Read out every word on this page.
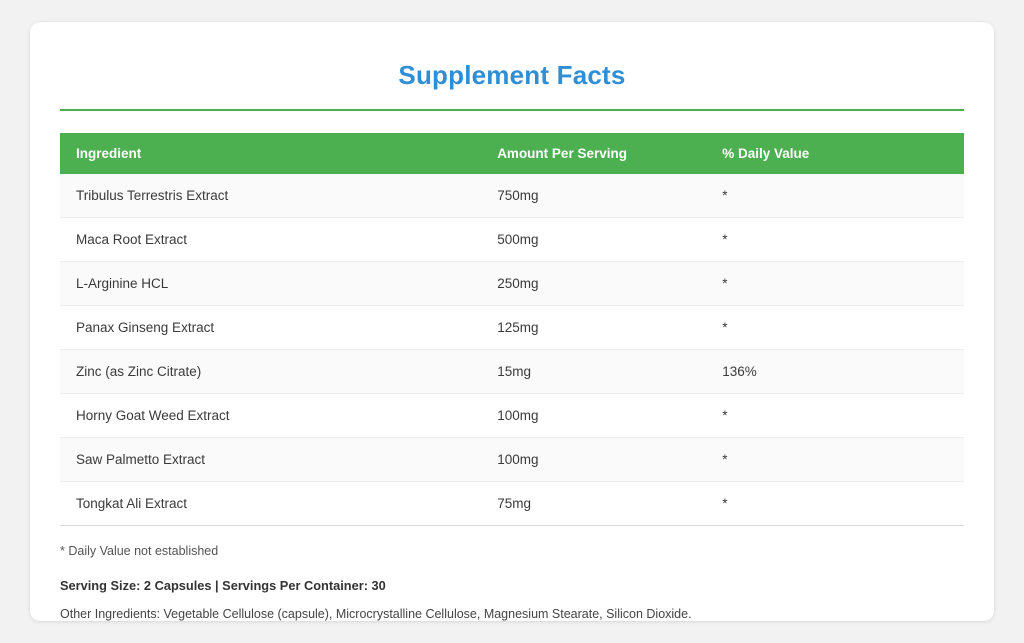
Supplement Facts
Ingredient	Amount Per Serving	% Daily Value
Tribulus Terrestris Extract	750mg	*
Maca Root Extract	500mg	*
L-Arginine HCL	250mg	*
Panax Ginseng Extract	125mg	*
Zinc (as Zinc Citrate)	15mg	136%
Horny Goat Weed Extract	100mg	*
Saw Palmetto Extract	100mg	*
Tongkat Ali Extract	75mg	*

* Daily Value not established

Serving Size: 2 Capsules | Servings Per Container: 30

Other Ingredients: Vegetable Cellulose (capsule), Microcrystalline Cellulose, Magnesium Stearate, Silicon Dioxide.
